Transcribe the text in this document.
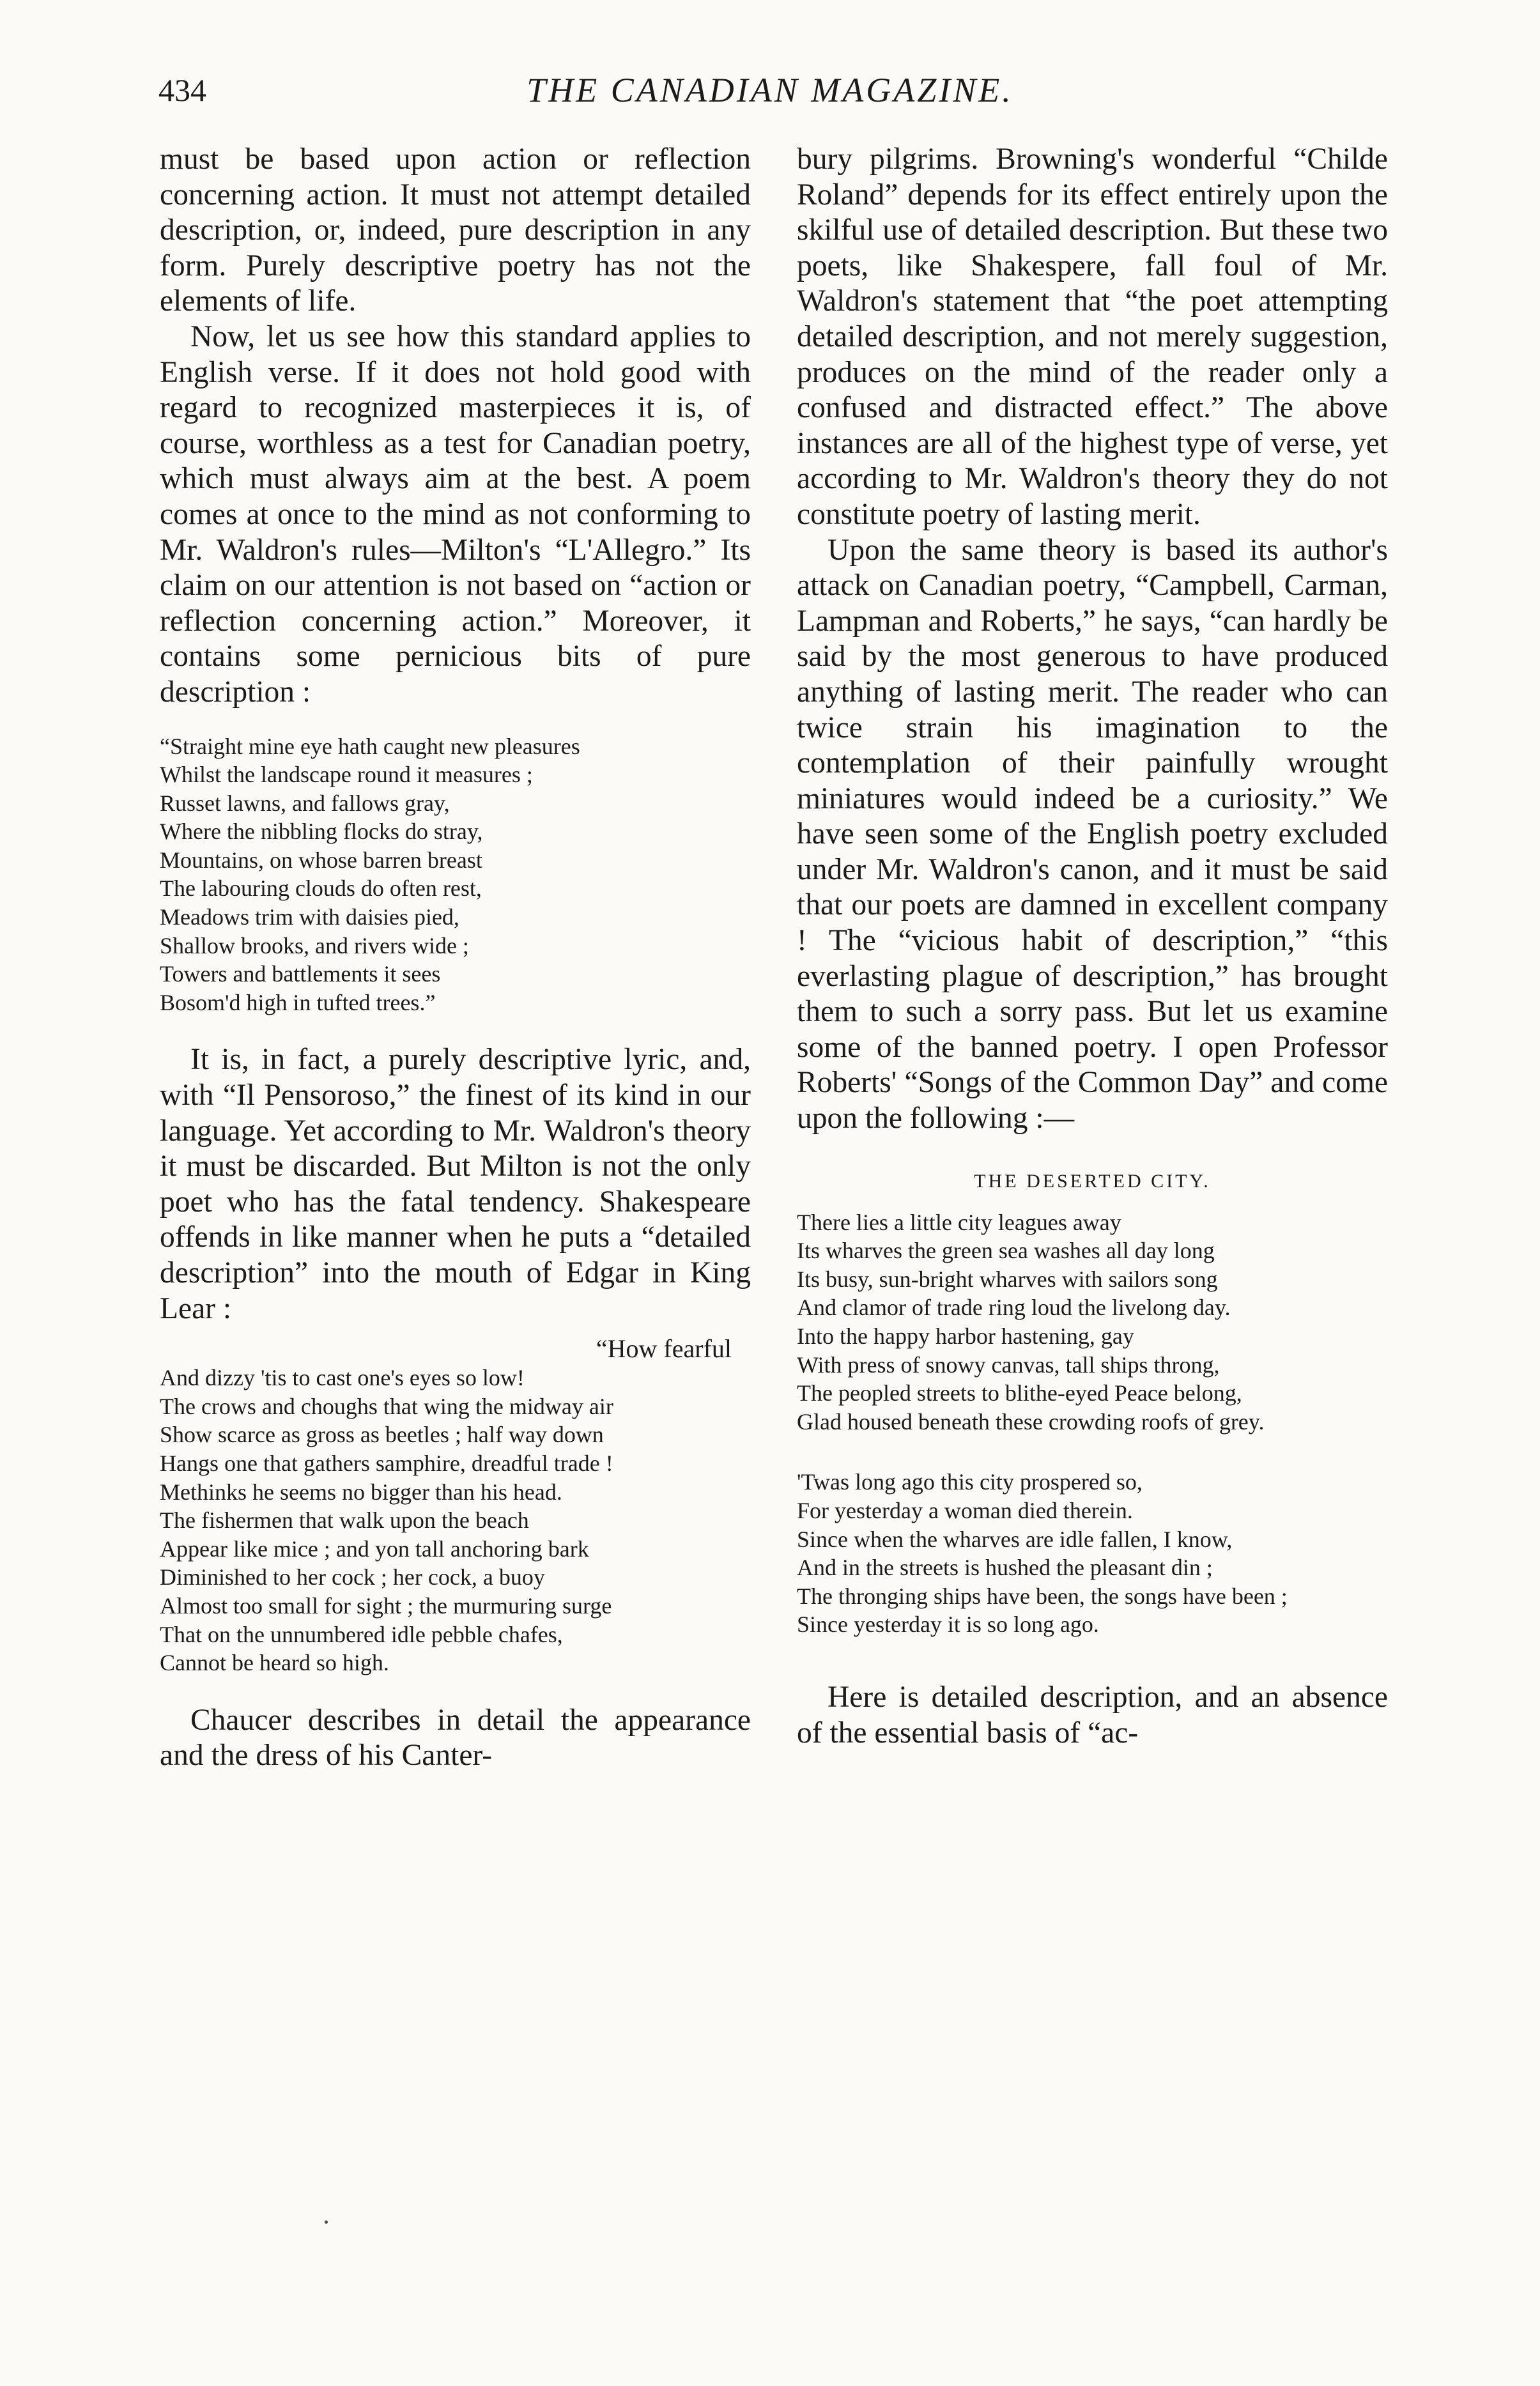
434	THE CANADIAN MAGAZINE.

must be based upon action or reflection concerning action. It must not attempt detailed description, or, indeed, pure description in any form. Purely descriptive poetry has not the elements of life.

Now, let us see how this standard applies to English verse. If it does not hold good with regard to recognized masterpieces it is, of course, worthless as a test for Canadian poetry, which must always aim at the best. A poem comes at once to the mind as not conforming to Mr. Waldron's rules—Milton's “L'Allegro.” Its claim on our attention is not based on “action or reflection concerning action.” Moreover, it contains some pernicious bits of pure description :

“Straight mine eye hath caught new pleasures
Whilst the landscape round it measures ;
Russet lawns, and fallows gray,
Where the nibbling flocks do stray,
Mountains, on whose barren breast
The labouring clouds do often rest,
Meadows trim with daisies pied,
Shallow brooks, and rivers wide ;
Towers and battlements it sees
Bosom'd high in tufted trees.”

It is, in fact, a purely descriptive lyric, and, with “Il Pensoroso,” the finest of its kind in our language. Yet according to Mr. Waldron's theory it must be discarded. But Milton is not the only poet who has the fatal tendency. Shakespeare offends in like manner when he puts a “detailed description” into the mouth of Edgar in King Lear :

“How fearful
And dizzy 'tis to cast one's eyes so low!
The crows and choughs that wing the midway air
Show scarce as gross as beetles ; half way down
Hangs one that gathers samphire, dreadful trade !
Methinks he seems no bigger than his head.
The fishermen that walk upon the beach
Appear like mice ; and yon tall anchoring bark
Diminished to her cock ; her cock, a buoy
Almost too small for sight ; the murmuring surge
That on the unnumbered idle pebble chafes,
Cannot be heard so high.

Chaucer describes in detail the appearance and the dress of his Canter-

bury pilgrims. Browning's wonderful “Childe Roland” depends for its effect entirely upon the skilful use of detailed description. But these two poets, like Shakespere, fall foul of Mr. Waldron's statement that “the poet attempting detailed description, and not merely suggestion, produces on the mind of the reader only a confused and distracted effect.” The above instances are all of the highest type of verse, yet according to Mr. Waldron's theory they do not constitute poetry of lasting merit.

Upon the same theory is based its author's attack on Canadian poetry, “Campbell, Carman, Lampman and Roberts,” he says, “can hardly be said by the most generous to have produced anything of lasting merit. The reader who can twice strain his imagination to the contemplation of their painfully wrought miniatures would indeed be a curiosity.” We have seen some of the English poetry excluded under Mr. Waldron's canon, and it must be said that our poets are damned in excellent company ! The “vicious habit of description,” “this everlasting plague of description,” has brought them to such a sorry pass. But let us examine some of the banned poetry. I open Professor Roberts' “Songs of the Common Day” and come upon the following :—

THE DESERTED CITY.

There lies a little city leagues away
Its wharves the green sea washes all day long
Its busy, sun-bright wharves with sailors song
And clamor of trade ring loud the livelong day.
Into the happy harbor hastening, gay
With press of snowy canvas, tall ships throng,
The peopled streets to blithe-eyed Peace belong,
Glad housed beneath these crowding roofs of grey.
'Twas long ago this city prospered so,
For yesterday a woman died therein.
Since when the wharves are idle fallen, I know,
And in the streets is hushed the pleasant din ;
The thronging ships have been, the songs have been ;
Since yesterday it is so long ago.

Here is detailed description, and an absence of the essential basis of “ac-
